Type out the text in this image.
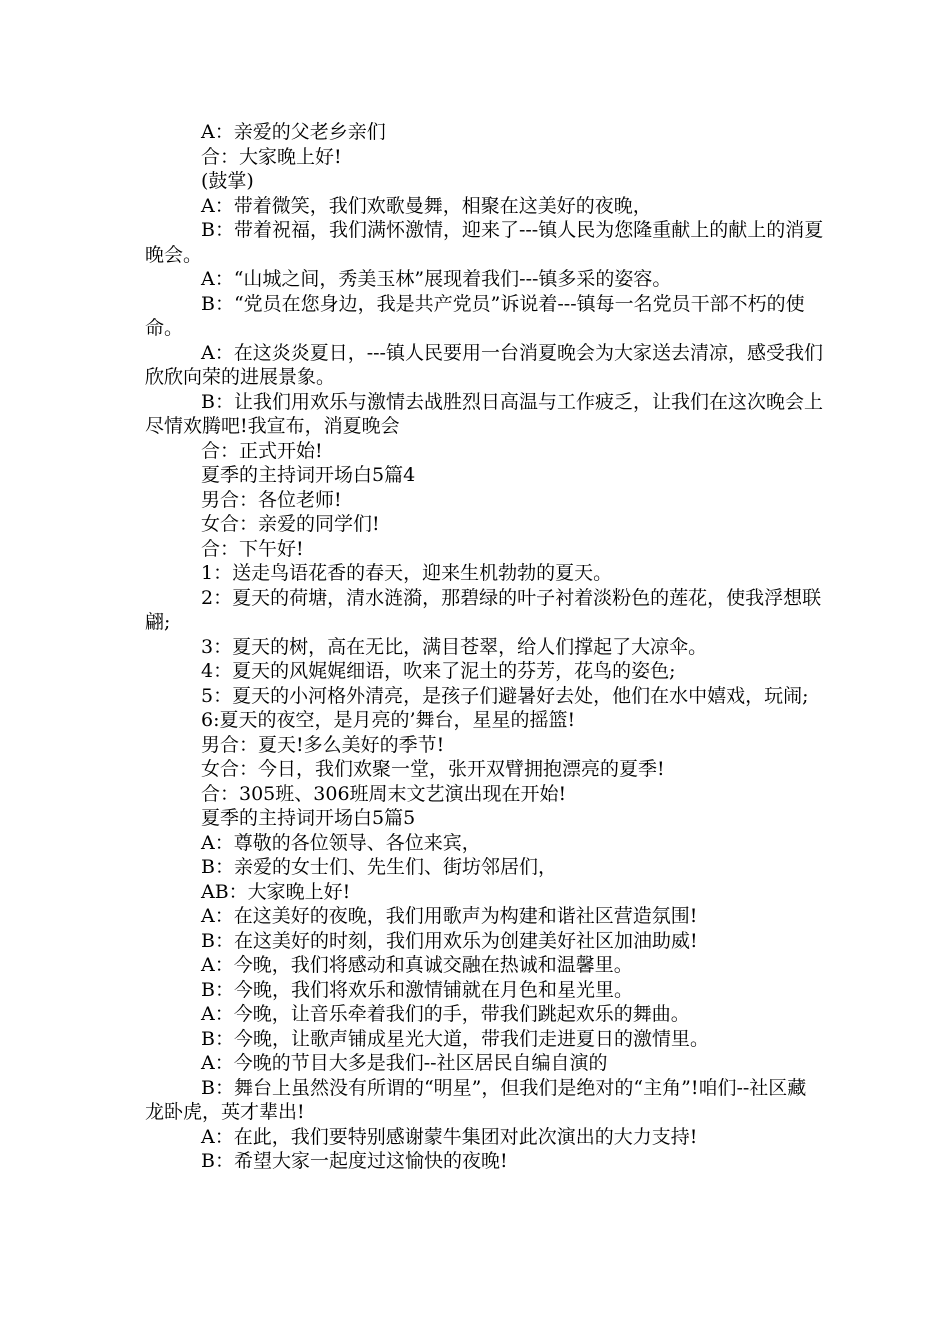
A：亲爱的父老乡亲们

合：大家晚上好!

(鼓掌)

A：带着微笑，我们欢歌曼舞，相聚在这美好的夜晚，

B：带着祝福，我们满怀激情，迎来了---镇人民为您隆重献上的献上的消夏晚会。

A：“山城之间，秀美玉林”展现着我们---镇多采的姿容。

B：“党员在您身边，我是共产党员”诉说着---镇每一名党员干部不朽的使命。

A：在这炎炎夏日，---镇人民要用一台消夏晚会为大家送去清凉，感受我们欣欣向荣的进展景象。

B：让我们用欢乐与激情去战胜烈日高温与工作疲乏，让我们在这次晚会上尽情欢腾吧!我宣布，消夏晚会

合：正式开始!

夏季的主持词开场白5篇4

男合：各位老师!

女合：亲爱的同学们!

合：下午好!

1：送走鸟语花香的春天，迎来生机勃勃的夏天。

2：夏天的荷塘，清水涟漪，那碧绿的叶子衬着淡粉色的莲花，使我浮想联翩;

3：夏天的树，高在无比，满目苍翠，给人们撑起了大凉伞。

4：夏天的风娓娓细语，吹来了泥土的芬芳，花鸟的姿色;

5：夏天的小河格外清亮，是孩子们避暑好去处，他们在水中嬉戏，玩闹;

6:夏天的夜空，是月亮的’舞台，星星的摇篮!

男合：夏天!多么美好的季节!

女合：今日，我们欢聚一堂，张开双臂拥抱漂亮的夏季!

合：305班、306班周末文艺演出现在开始!

夏季的主持词开场白5篇5

A：尊敬的各位领导、各位来宾，

B：亲爱的女士们、先生们、街坊邻居们，

AB：大家晚上好!

A：在这美好的夜晚，我们用歌声为构建和谐社区营造氛围!

B：在这美好的时刻，我们用欢乐为创建美好社区加油助威!

A：今晚，我们将感动和真诚交融在热诚和温馨里。

B：今晚，我们将欢乐和激情铺就在月色和星光里。

A：今晚，让音乐牵着我们的手，带我们跳起欢乐的舞曲。

B：今晚，让歌声铺成星光大道，带我们走进夏日的激情里。

A：今晚的节目大多是我们--社区居民自编自演的

B：舞台上虽然没有所谓的“明星”，但我们是绝对的“主角”!咱们--社区藏龙卧虎，英才辈出!

A：在此，我们要特别感谢蒙牛集团对此次演出的大力支持!

B：希望大家一起度过这愉快的夜晚!
